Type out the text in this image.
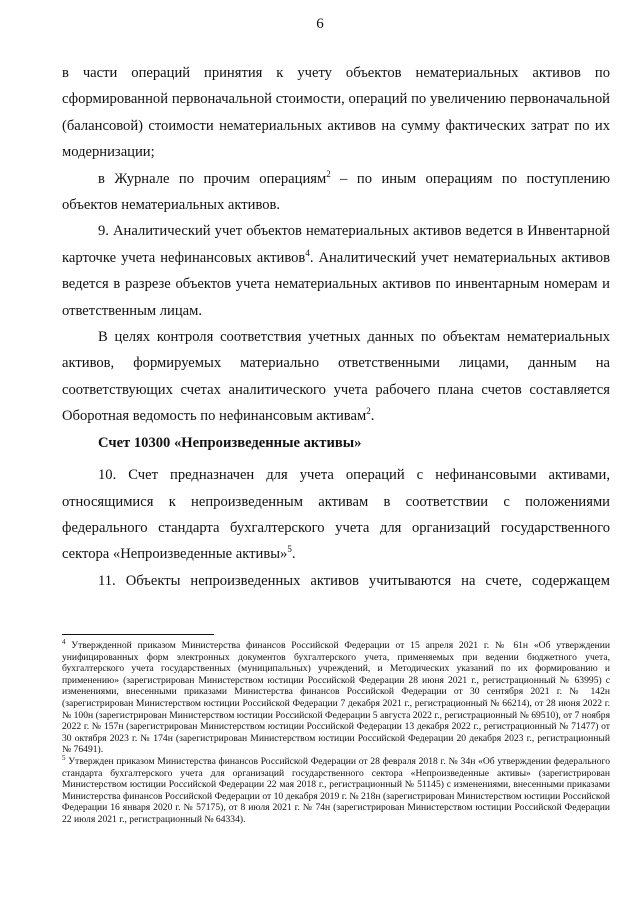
6

в части операций принятия к учету объектов нематериальных активов по сформированной первоначальной стоимости, операций по увеличению первоначальной (балансовой) стоимости нематериальных активов на сумму фактических затрат по их модернизации;

в Журнале по прочим операциям$^2$ – по иным операциям по поступлению объектов нематериальных активов.

9. Аналитический учет объектов нематериальных активов ведется в Инвентарной карточке учета нефинансовых активов$^4$. Аналитический учет нематериальных активов ведется в разрезе объектов учета нематериальных активов по инвентарным номерам и ответственным лицам.

В целях контроля соответствия учетных данных по объектам нематериальных активов, формируемых материально ответственными лицами, данным на соответствующих счетах аналитического учета рабочего плана счетов составляется Оборотная ведомость по нефинансовым активам$^2$.

Счет 10300 «Непроизведенные активы»

10. Счет предназначен для учета операций с нефинансовыми активами, относящимися к непроизведенным активам в соответствии с положениями федерального стандарта бухгалтерского учета для организаций государственного сектора «Непроизведенные активы»$^5$.

11. Объекты непроизведенных активов учитываются на счете, содержащем

$^4$ Утвержденной приказом Министерства финансов Российской Федерации от 15 апреля 2021 г. № 61н «Об утверждении унифицированных форм электронных документов бухгалтерского учета, применяемых при ведении бюджетного учета, бухгалтерского учета государственных (муниципальных) учреждений, и Методических указаний по их формированию и применению» (зарегистрирован Министерством юстиции Российской Федерации 28 июня 2021 г., регистрационный № 63995) с изменениями, внесенными приказами Министерства финансов Российской Федерации от 30 сентября 2021 г. № 142н (зарегистрирован Министерством юстиции Российской Федерации 7 декабря 2021 г., регистрационный № 66214), от 28 июня 2022 г. № 100н (зарегистрирован Министерством юстиции Российской Федерации 5 августа 2022 г., регистрационный № 69510), от 7 ноября 2022 г. № 157н (зарегистрирован Министерством юстиции Российской Федерации 13 декабря 2022 г., регистрационный № 71477) от 30 октября 2023 г. № 174н (зарегистрирован Министерством юстиции Российской Федерации 20 декабря 2023 г., регистрационный № 76491).

$^5$ Утвержден приказом Министерства финансов Российской Федерации от 28 февраля 2018 г. № 34н «Об утверждении федерального стандарта бухгалтерского учета для организаций государственного сектора «Непроизведенные активы» (зарегистрирован Министерством юстиции Российской Федерации 22 мая 2018 г., регистрационный № 51145) с изменениями, внесенными приказами Министерства финансов Российской Федерации от 10 декабря 2019 г. № 218н (зарегистрирован Министерством юстиции Российской Федерации 16 января 2020 г. № 57175), от 8 июля 2021 г. № 74н (зарегистрирован Министерством юстиции Российской Федерации 22 июля 2021 г., регистрационный № 64334).
